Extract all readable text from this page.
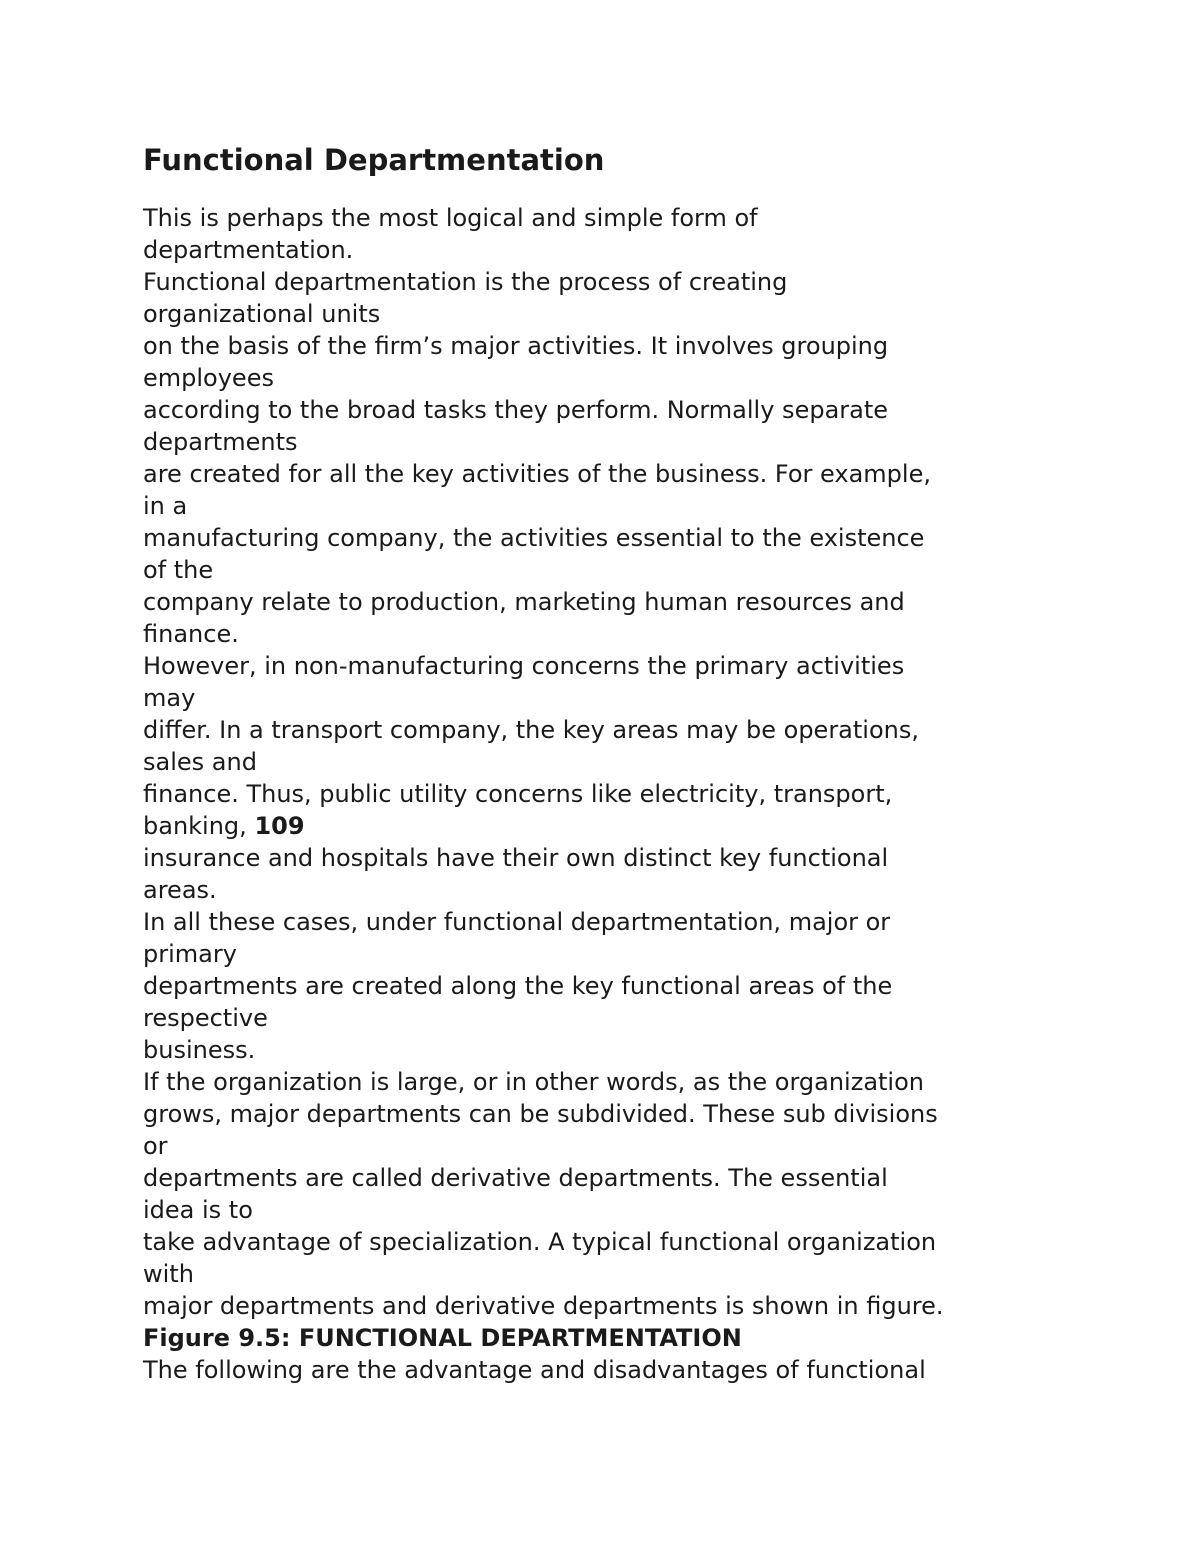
Functional Departmentation

This is perhaps the most logical and simple form of

departmentation.

Functional departmentation is the process of creating

organizational units

on the basis of the firm’s major activities. It involves grouping

employees

according to the broad tasks they perform. Normally separate

departments

are created for all the key activities of the business. For example,

in a

manufacturing company, the activities essential to the existence

of the

company relate to production, marketing human resources and

finance.

However, in non-manufacturing concerns the primary activities

may

differ. In a transport company, the key areas may be operations,

sales and

finance. Thus, public utility concerns like electricity, transport,

banking, 109

insurance and hospitals have their own distinct key functional

areas.

In all these cases, under functional departmentation, major or

primary

departments are created along the key functional areas of the

respective

business.

If the organization is large, or in other words, as the organization

grows, major departments can be subdivided. These sub divisions

or

departments are called derivative departments. The essential

idea is to

take advantage of specialization. A typical functional organization

with

major departments and derivative departments is shown in figure.

Figure 9.5: FUNCTIONAL DEPARTMENTATION

The following are the advantage and disadvantages of functional
